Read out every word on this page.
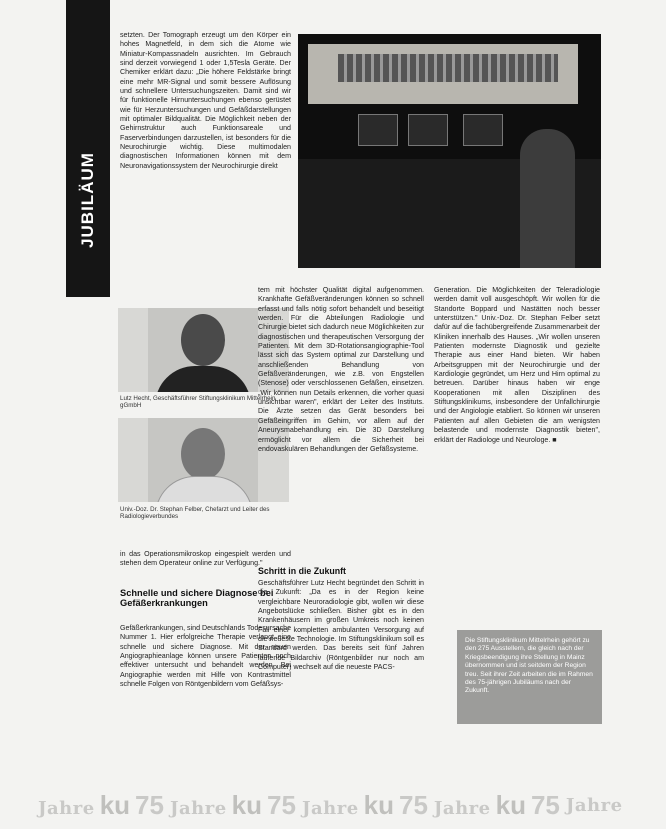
JUBILÄUM

setzten. Der Tomograph erzeugt um den Körper ein hohes Magnetfeld, in dem sich die Atome wie Miniatur-Kompassnadeln ausrichten. Im Gebrauch sind derzeit vorwiegend 1 oder 1,5Tesla Geräte. Der Chemiker erklärt dazu: „Die höhere Feldstärke bringt eine mehr MR-Signal und somit bessere Auflösung und schnellere Untersuchungszeiten. Damit sind wir für funktionelle Hirnuntersuchungen ebenso gerüstet wie für Herzuntersuchungen und Gefäßdarstellungen mit optimaler Bildqualität. Die Möglichkeit neben der Gehirnstruktur auch Funktionsareale und Faserverbindungen darzustellen, ist besonders für die Neurochirurgie wichtig. Diese multimodalen diagnostischen Informationen können mit dem Neuronavigationssystem der Neurochirurgie direkt

Lutz Hecht, Geschäftsführer Stiftungsklinikum Mittelrhein gGmbH
Univ.-Doz. Dr. Stephan Felber, Chefarzt und Leiter des Radiologieverbundes
in das Operationsmikroskop eingespielt werden und stehen dem Operateur online zur Verfügung."
Schnelle und sichere Diagnose bei Gefäßerkrankungen
Gefäßerkrankungen, sind Deutschlands Todesursache Nummer 1. Hier erfolgreiche Therapie verlangt eine schnelle und sichere Diagnose. Mit der neuen Angiographieanlage können unsere Patienten noch effektiver untersucht und behandelt werden. Bei Angiographie werden mit Hilfe von Kontrastmittel schnelle Folgen von Röntgenbildern vom Gefäßsys-

tem mit höchster Qualität digital aufgenommen. Krankhafte Gefäßveränderungen können so schnell erfasst und falls nötig sofort behandelt und beseitigt werden. Für die Abteilungen Radiologie und Chirurgie bietet sich dadurch neue Möglichkeiten zur diagnostischen und therapeutischen Versorgung der Patienten. Mit dem 3D-Rotationsangiographie-Tool lässt sich das System optimal zur Darstellung und anschließenden Behandlung von Gefäßveränderungen, wie z.B. von Engstellen (Stenose) oder verschlossenen Gefäßen, einsetzen. „Wir können nun Details erkennen, die vorher quasi unsichtbar waren", erklärt der Leiter des Instituts. Die Ärzte setzen das Gerät besonders bei Gefäßeingriffen im Gehirn, vor allem auf der Aneurysmabehandlung ein. Die 3D Darstellung ermöglicht vor allem die Sicherheit bei endovaskulären Behandlungen der Gefäßsysteme.

Schritt in die Zukunft
Geschäftsführer Lutz Hecht begründet den Schritt in die Zukunft: „Da es in der Region keine vergleichbare Neuroradiologie gibt, wollen wir diese Angebotslücke schließen. Bisher gibt es in den Krankenhäusern im großen Umkreis noch keinen Fall einer kompletten ambulanten Versorgung auf die neueste Technologie. Im Stiftungsklinikum soll es Standard werden. Das bereits seit fünf Jahren laufende Bildarchiv (Röntgenbilder nur noch am Computer) wechselt auf die neueste PACS-

Generation. Die Möglichkeiten der Teleradiologie werden damit voll ausgeschöpft. Wir wollen für die Standorte Boppard und Nastätten noch besser unterstützen." Univ.-Doz. Dr. Stephan Felber setzt dafür auf die fachübergreifende Zusammenarbeit der Kliniken innerhalb des Hauses. „Wir wollen unseren Patienten modernste Diagnostik und gezielte Therapie aus einer Hand bieten. Wir haben Arbeitsgruppen mit der Neurochirurgie und der Kardiologie gegründet, um Herz und Hirn optimal zu betreuen. Darüber hinaus haben wir enge Kooperationen mit allen Disziplinen des Stiftungsklinikums, insbesondere der Unfallchirurgie und der Angiologie etabliert. So können wir unseren Patienten auf allen Gebieten die am wenigsten belastende und modernste Diagnostik bieten", erklärt der Radiologe und Neurologe. ■

Die Stiftungsklinikum Mittelrhein gehört zu den 275 Ausstellern, die gleich nach der Kriegsbeendigung ihre Stellung in Mainz übernommen und ist seitdem der Region treu. Seit ihrer Zeit arbeiten die im Rahmen des 75-jährigen Jubiläums nach der Zukunft.

Jahre ku 75 Jahre ku 75 Jahre ku 75 Jahre ku 75 Jahre
